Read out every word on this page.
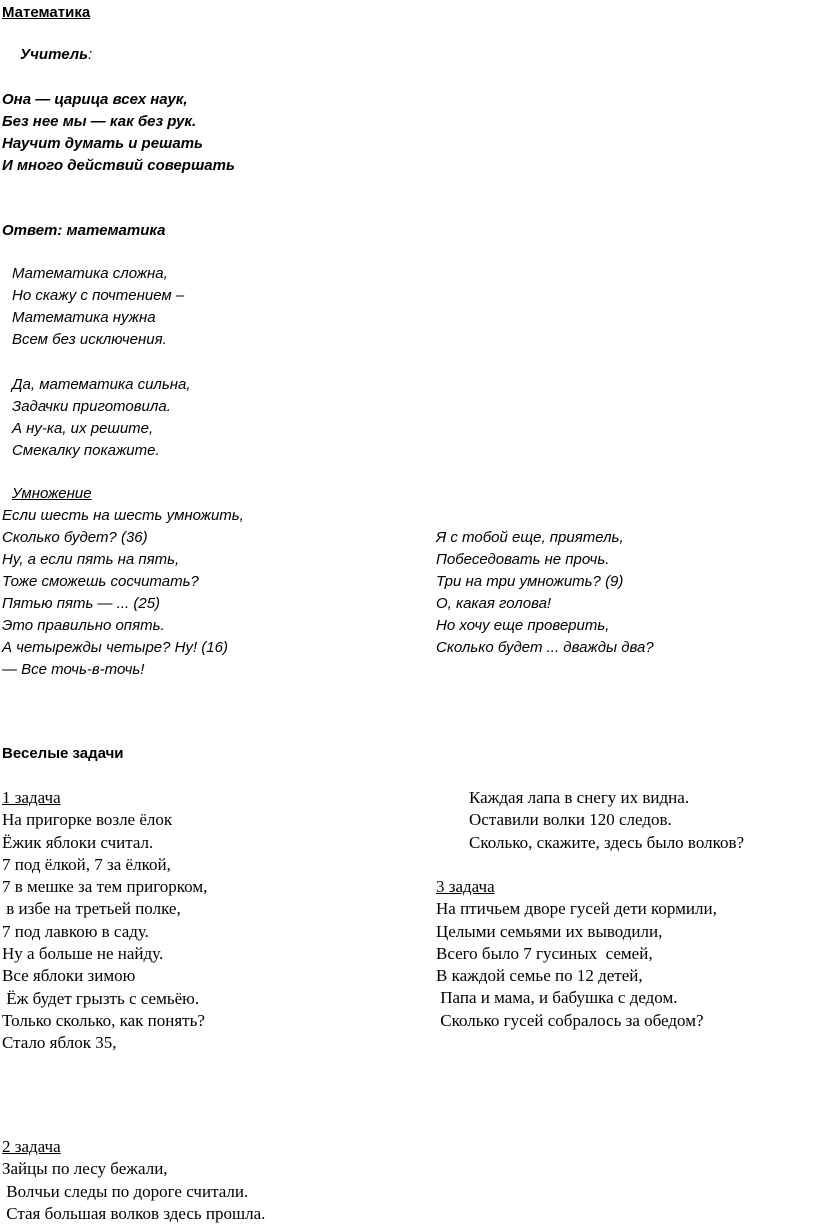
Математика
Учитель:
Она — царица всех наук,
Без нее мы — как без рук.
Научит думать и решать
И много действий совершать
Ответ: математика
Математика сложна,
Но скажу с почтением –
Математика нужна
Всем без исключения.
Да, математика сильна,
Задачки приготовила.
А ну-ка, их решите,
Смекалку покажите.
Умножение
Если шесть на шесть умножить,
Сколько будет? (36)
Ну, а если пять на пять,
Тоже сможешь сосчитать?
Пятью пять — ... (25)
Это правильно опять.
А четырежды четыре? Ну! (16)
— Все точь-в-точь!
Я с тобой еще, приятель,
Побеседовать не прочь.
Три на три умножить? (9)
О, какая голова!
Но хочу еще проверить,
Сколько будет ... дважды два?
Веселые задачи
1 задача
На пригорке возле ёлок
Ёжик яблоки считал.
7 под ёлкой, 7 за ёлкой,
7 в мешке за тем пригорком,
в избе на третьей полке,
7 под лавкою в саду.
Ну а больше не найду.
Все яблоки зимою
Ёж будет грызть с семьёю.
Только сколько, как понять?
Стало яблок 35,
Каждая лапа в снегу их видна.
Оставили волки 120 следов.
Сколько, скажите, здесь было волков?
3 задача
На птичьем дворе гусей дети кормили,
Целыми семьями их выводили,
Всего было 7 гусиных  семей,
В каждой семье по 12 детей,
Папа и мама, и бабушка с дедом.
Сколько гусей собралось за обедом?
2 задача
Зайцы по лесу бежали,
Волчьи следы по дороге считали.
Стая большая волков здесь прошла.
